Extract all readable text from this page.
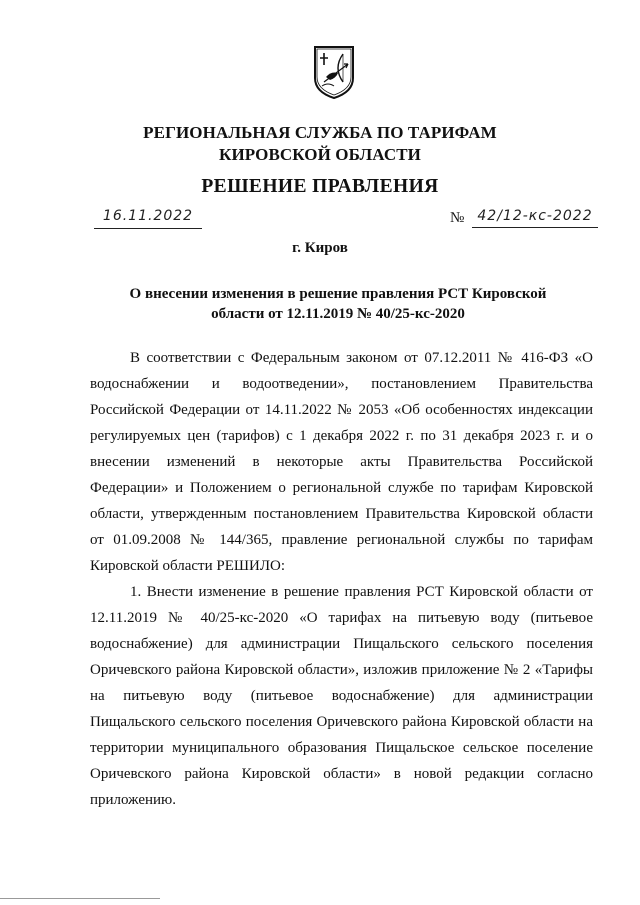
РЕГИОНАЛЬНАЯ СЛУЖБА ПО ТАРИФАМ
КИРОВСКОЙ ОБЛАСТИ
РЕШЕНИЕ ПРАВЛЕНИЯ
16.11.2022	№ 42/12-кс-2022
г. Киров
О внесении изменения в решение правления РСТ Кировской
области от 12.11.2019 № 40/25-кс-2020

В соответствии с Федеральным законом от 07.12.2011 № 416-ФЗ «О водоснабжении и водоотведении», постановлением Правительства Российской Федерации от 14.11.2022 № 2053 «Об особенностях индексации регулируемых цен (тарифов) с 1 декабря 2022 г. по 31 декабря 2023 г. и о внесении изменений в некоторые акты Правительства Российской Федерации» и Положением о региональной службе по тарифам Кировской области, утвержденным постановлением Правительства Кировской области от 01.09.2008 № 144/365, правление региональной службы по тарифам Кировской области РЕШИЛО:

1. Внести изменение в решение правления РСТ Кировской области от 12.11.2019 № 40/25-кс-2020 «О тарифах на питьевую воду (питьевое водоснабжение) для администрации Пищальского сельского поселения Оричевского района Кировской области», изложив приложение № 2 «Тарифы на питьевую воду (питьевое водоснабжение) для администрации Пищальского сельского поселения Оричевского района Кировской области на территории муниципального образования Пищальское сельское поселение Оричевского района Кировской области» в новой редакции согласно приложению.
